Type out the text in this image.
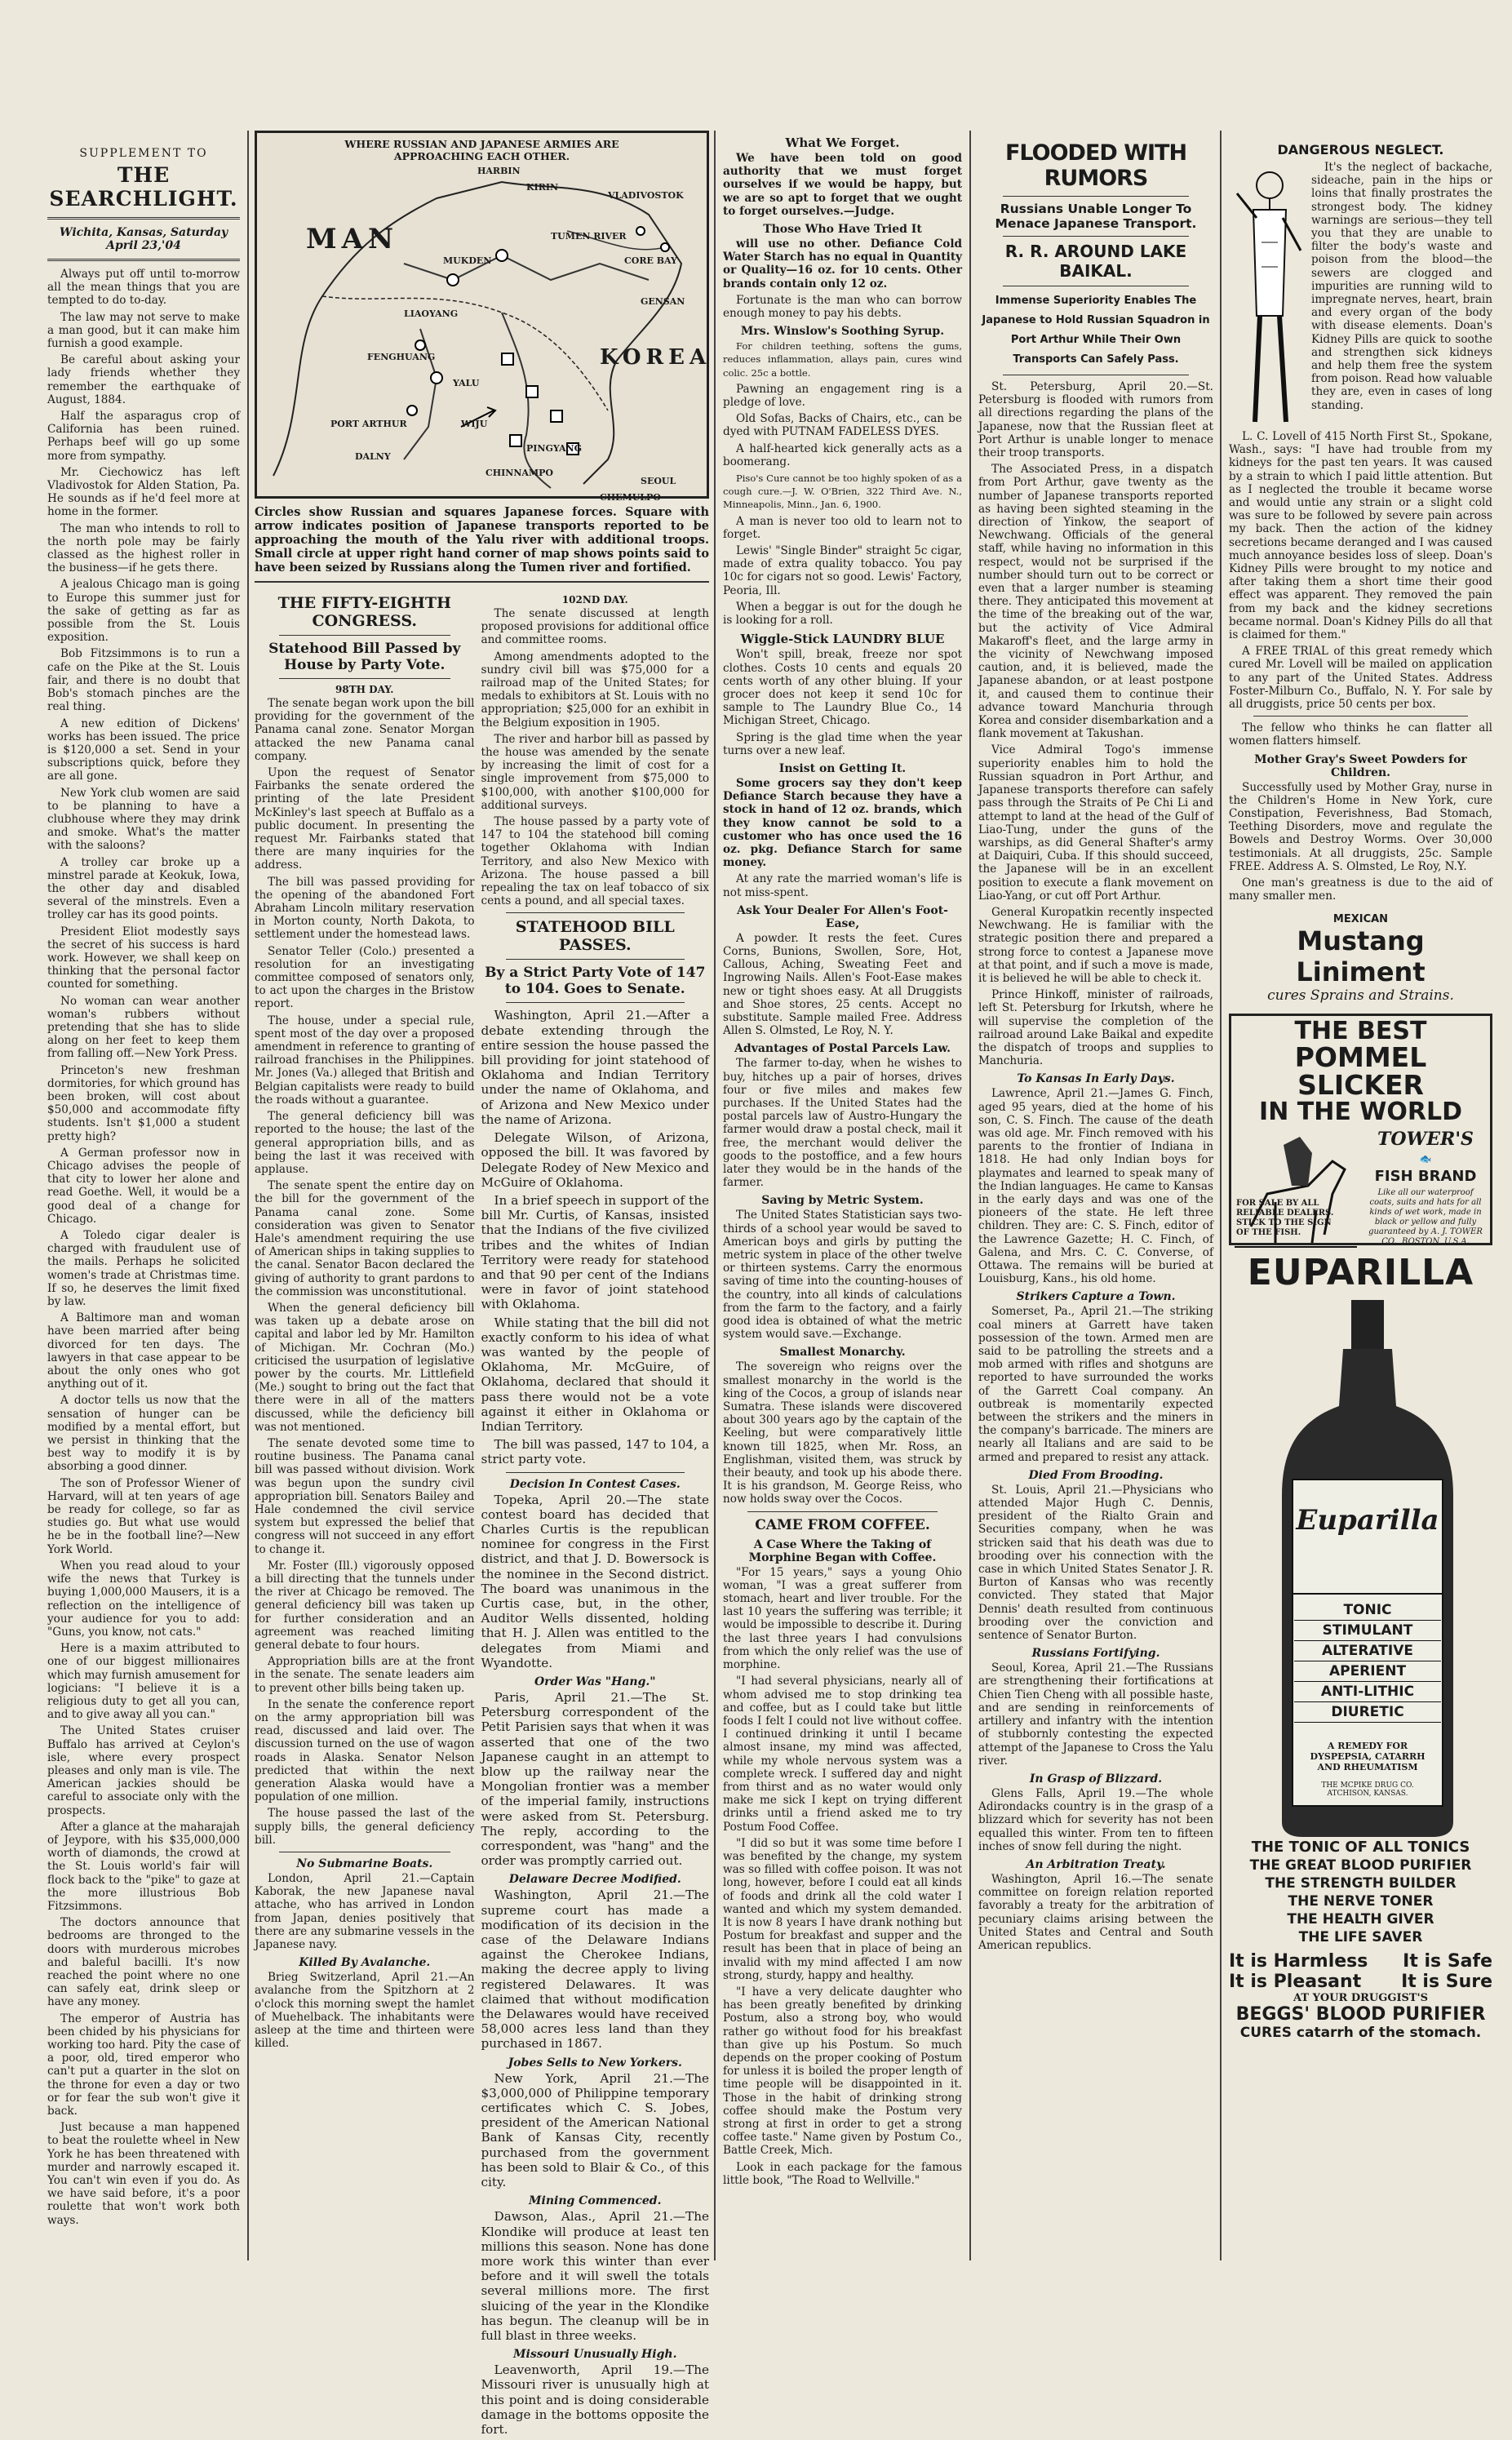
SUPPLEMENT TO
THE SEARCHLIGHT.
Wichita, Kansas, Saturday April 23,'04

Always put off until to-morrow all the mean things that you are tempted to do to-day.

The law may not serve to make a man good, but it can make him furnish a good example.

Be careful about asking your lady friends whether they remember the earthquake of August, 1884.

Half the asparagus crop of California has been ruined. Perhaps beef will go up some more from sympathy.

Mr. Ciechowicz has left Vladivostok for Alden Station, Pa. He sounds as if he'd feel more at home in the former.

The man who intends to roll to the north pole may be fairly classed as the highest roller in the business—if he gets there.

A jealous Chicago man is going to Europe this summer just for the sake of getting as far as possible from the St. Louis exposition.

Bob Fitzsimmons is to run a cafe on the Pike at the St. Louis fair, and there is no doubt that Bob's stomach pinches are the real thing.

A new edition of Dickens' works has been issued. The price is $120,000 a set. Send in your subscriptions quick, before they are all gone.

New York club women are said to be planning to have a clubhouse where they may drink and smoke. What's the matter with the saloons?

A trolley car broke up a minstrel parade at Keokuk, Iowa, the other day and disabled several of the minstrels. Even a trolley car has its good points.

President Eliot modestly says the secret of his success is hard work. However, we shall keep on thinking that the personal factor counted for something.

No woman can wear another woman's rubbers without pretending that she has to slide along on her feet to keep them from falling off.—New York Press.

Princeton's new freshman dormitories, for which ground has been broken, will cost about $50,000 and accommodate fifty students. Isn't $1,000 a student pretty high?

A German professor now in Chicago advises the people of that city to lower her alone and read Goethe. Well, it would be a good deal of a change for Chicago.

A Toledo cigar dealer is charged with fraudulent use of the mails. Perhaps he solicited women's trade at Christmas time. If so, he deserves the limit fixed by law.

A Baltimore man and woman have been married after being divorced for ten days. The lawyers in that case appear to be about the only ones who got anything out of it.

A doctor tells us now that the sensation of hunger can be modified by a mental effort, but we persist in thinking that the best way to modify it is by absorbing a good dinner.

The son of Professor Wiener of Harvard, will at ten years of age be ready for college, so far as studies go. But what use would he be in the football line?—New York World.

When you read aloud to your wife the news that Turkey is buying 1,000,000 Mausers, it is a reflection on the intelligence of your audience for you to add: "Guns, you know, not cats."

Here is a maxim attributed to one of our biggest millionaires which may furnish amusement for logicians: "I believe it is a religious duty to get all you can, and to give away all you can."

The United States cruiser Buffalo has arrived at Ceylon's isle, where every prospect pleases and only man is vile. The American jackies should be careful to associate only with the prospects.

After a glance at the maharajah of Jeypore, with his $35,000,000 worth of diamonds, the crowd at the St. Louis world's fair will flock back to the "pike" to gaze at the more illustrious Bob Fitzsimmons.

The doctors announce that bedrooms are thronged to the doors with murderous microbes and baleful bacilli. It's now reached the point where no one can safely eat, drink sleep or have any money.

The emperor of Austria has been chided by his physicians for working too hard. Pity the case of a poor, old, tired emperor who can't put a quarter in the slot on the throne for even a day or two or for fear the sub won't give it back.

Just because a man happened to beat the roulette wheel in New York he has been threatened with murder and narrowly escaped it. You can't win even if you do. As we have said before, it's a poor roulette that won't work both ways.

WHERE RUSSIAN AND JAPANESE ARMIES ARE APPROACHING EACH OTHER.
HARBIN
KIRIN
VLADIVOSTOK
MUKDEN
LIAOYANG
FENGHUANG
PORT ARTHUR
DALNY
KOREA
CHINNAMPO
SEOUL
CHEMULPO
GENSAN
WIJU
YALU
TUMEN RIVER
CORE BAY
PINGYANG
MAN
Circles show Russian and squares Japanese forces. Square with arrow indicates position of Japanese transports reported to be approaching the mouth of the Yalu river with additional troops. Small circle at upper right hand corner of map shows points said to have been seized by Russians along the Tumen river and fortified.
THE FIFTY-EIGHTH CONGRESS.
Statehood Bill Passed by House by Party Vote.
98TH DAY.

The senate began work upon the bill providing for the government of the Panama canal zone. Senator Morgan attacked the new Panama canal company.

Upon the request of Senator Fairbanks the senate ordered the printing of the late President McKinley's last speech at Buffalo as a public document. In presenting the request Mr. Fairbanks stated that there are many inquiries for the address.

The bill was passed providing for the opening of the abandoned Fort Abraham Lincoln military reservation in Morton county, North Dakota, to settlement under the homestead laws.

Senator Teller (Colo.) presented a resolution for an investigating committee composed of senators only, to act upon the charges in the Bristow report.

The house, under a special rule, spent most of the day over a proposed amendment in reference to granting of railroad franchises in the Philippines. Mr. Jones (Va.) alleged that British and Belgian capitalists were ready to build the roads without a guarantee.

The general deficiency bill was reported to the house; the last of the general appropriation bills, and as being the last it was received with applause.

The senate spent the entire day on the bill for the government of the Panama canal zone. Some consideration was given to Senator Hale's amendment requiring the use of American ships in taking supplies to the canal. Senator Bacon declared the giving of authority to grant pardons to the commission was unconstitutional.

When the general deficiency bill was taken up a debate arose on capital and labor led by Mr. Hamilton of Michigan. Mr. Cochran (Mo.) criticised the usurpation of legislative power by the courts. Mr. Littlefield (Me.) sought to bring out the fact that there were in all of the matters discussed, while the deficiency bill was not mentioned.

The senate devoted some time to routine business. The Panama canal bill was passed without division. Work was begun upon the sundry civil appropriation bill. Senators Bailey and Hale condemned the civil service system but expressed the belief that congress will not succeed in any effort to change it.

Mr. Foster (Ill.) vigorously opposed a bill directing that the tunnels under the river at Chicago be removed. The general deficiency bill was taken up for further consideration and an agreement was reached limiting general debate to four hours.

Appropriation bills are at the front in the senate. The senate leaders aim to prevent other bills being taken up.

In the senate the conference report on the army appropriation bill was read, discussed and laid over. The discussion turned on the use of wagon roads in Alaska. Senator Nelson predicted that within the next generation Alaska would have a population of one million.

The house passed the last of the supply bills, the general deficiency bill.

No Submarine Boats.

London, April 21.—Captain Kaborak, the new Japanese naval attache, who has arrived in London from Japan, denies positively that there are any submarine vessels in the Japanese navy.

Killed By Avalanche.

Brieg Switzerland, April 21.—An avalanche from the Spitzhorn at 2 o'clock this morning swept the hamlet of Muehelback. The inhabitants were asleep at the time and thirteen were killed.

102ND DAY.

The senate discussed at length proposed provisions for additional office and committee rooms.

Among amendments adopted to the sundry civil bill was $75,000 for a railroad map of the United States; for medals to exhibitors at St. Louis with no appropriation; $25,000 for an exhibit in the Belgium exposition in 1905.

The river and harbor bill as passed by the house was amended by the senate by increasing the limit of cost for a single improvement from $75,000 to $100,000, with another $100,000 for additional surveys.

The house passed by a party vote of 147 to 104 the statehood bill coming together Oklahoma with Indian Territory, and also New Mexico with Arizona. The house passed a bill repealing the tax on leaf tobacco of six cents a pound, and all special taxes.

STATEHOOD BILL PASSES.
By a Strict Party Vote of 147 to 104. Goes to Senate.

Washington, April 21.—After a debate extending through the entire session the house passed the bill providing for joint statehood of Oklahoma and Indian Territory under the name of Oklahoma, and of Arizona and New Mexico under the name of Arizona.

Delegate Wilson, of Arizona, opposed the bill. It was favored by Delegate Rodey of New Mexico and McGuire of Oklahoma.

In a brief speech in support of the bill Mr. Curtis, of Kansas, insisted that the Indians of the five civilized tribes and the whites of Indian Territory were ready for statehood and that 90 per cent of the Indians were in favor of joint statehood with Oklahoma.

While stating that the bill did not exactly conform to his idea of what was wanted by the people of Oklahoma, Mr. McGuire, of Oklahoma, declared that should it pass there would not be a vote against it either in Oklahoma or Indian Territory.

The bill was passed, 147 to 104, a strict party vote.

Decision In Contest Cases.

Topeka, April 20.—The state contest board has decided that Charles Curtis is the republican nominee for congress in the First district, and that J. D. Bowersock is the nominee in the Second district. The board was unanimous in the Curtis case, but, in the other, Auditor Wells dissented, holding that H. J. Allen was entitled to the delegates from Miami and Wyandotte.

Order Was "Hang."

Paris, April 21.—The St. Petersburg correspondent of the Petit Parisien says that when it was asserted that one of the two Japanese caught in an attempt to blow up the railway near the Mongolian frontier was a member of the imperial family, instructions were asked from St. Petersburg. The reply, according to the correspondent, was "hang" and the order was promptly carried out.

Delaware Decree Modified.

Washington, April 21.—The supreme court has made a modification of its decision in the case of the Delaware Indians against the Cherokee Indians, making the decree apply to living registered Delawares. It was claimed that without modification the Delawares would have received 58,000 acres less land than they purchased in 1867.

Jobes Sells to New Yorkers.

New York, April 21.—The $3,000,000 of Philippine temporary certificates which C. S. Jobes, president of the American National Bank of Kansas City, recently purchased from the government has been sold to Blair & Co., of this city.

Mining Commenced.

Dawson, Alas., April 21.—The Klondike will produce at least ten millions this season. None has done more work this winter than ever before and it will swell the totals several millions more. The first sluicing of the year in the Klondike has begun. The cleanup will be in full blast in three weeks.

Missouri Unusually High.

Leavenworth, April 19.—The Missouri river is unusually high at this point and is doing considerable damage in the bottoms opposite the fort.

What We Forget.

We have been told on good authority that we must forget ourselves if we would be happy, but we are so apt to forget that we ought to forget ourselves.—Judge.

Those Who Have Tried It

will use no other. Defiance Cold Water Starch has no equal in Quantity or Quality—16 oz. for 10 cents. Other brands contain only 12 oz.

Fortunate is the man who can borrow enough money to pay his debts.

Mrs. Winslow's Soothing Syrup.

For children teething, softens the gums, reduces inflammation, allays pain, cures wind colic. 25c a bottle.

Pawning an engagement ring is a pledge of love.

Old Sofas, Backs of Chairs, etc., can be dyed with PUTNAM FADELESS DYES.

A half-hearted kick generally acts as a boomerang.

Piso's Cure cannot be too highly spoken of as a cough cure.—J. W. O'Brien, 322 Third Ave. N., Minneapolis, Minn., Jan. 6, 1900.

A man is never too old to learn not to forget.

Lewis' "Single Binder" straight 5c cigar, made of extra quality tobacco. You pay 10c for cigars not so good. Lewis' Factory, Peoria, Ill.

When a beggar is out for the dough he is looking for a roll.

Wiggle-Stick LAUNDRY BLUE

Won't spill, break, freeze nor spot clothes. Costs 10 cents and equals 20 cents worth of any other bluing. If your grocer does not keep it send 10c for sample to The Laundry Blue Co., 14 Michigan Street, Chicago.

Spring is the glad time when the year turns over a new leaf.

Insist on Getting It.

Some grocers say they don't keep Defiance Starch because they have a stock in hand of 12 oz. brands, which they know cannot be sold to a customer who has once used the 16 oz. pkg. Defiance Starch for same money.

At any rate the married woman's life is not miss-spent.

Ask Your Dealer For Allen's Foot-Ease,

A powder. It rests the feet. Cures Corns, Bunions, Swollen, Sore, Hot, Callous, Aching, Sweating Feet and Ingrowing Nails. Allen's Foot-Ease makes new or tight shoes easy. At all Druggists and Shoe stores, 25 cents. Accept no substitute. Sample mailed Free. Address Allen S. Olmsted, Le Roy, N. Y.

Advantages of Postal Parcels Law.

The farmer to-day, when he wishes to buy, hitches up a pair of horses, drives four or five miles and makes few purchases. If the United States had the postal parcels law of Austro-Hungary the farmer would draw a postal check, mail it free, the merchant would deliver the goods to the postoffice, and a few hours later they would be in the hands of the farmer.

Saving by Metric System.

The United States Statistician says two-thirds of a school year would be saved to American boys and girls by putting the metric system in place of the other twelve or thirteen systems. Carry the enormous saving of time into the counting-houses of the country, into all kinds of calculations from the farm to the factory, and a fairly good idea is obtained of what the metric system would save.—Exchange.

Smallest Monarchy.

The sovereign who reigns over the smallest monarchy in the world is the king of the Cocos, a group of islands near Sumatra. These islands were discovered about 300 years ago by the captain of the Keeling, but were comparatively little known till 1825, when Mr. Ross, an Englishman, visited them, was struck by their beauty, and took up his abode there. It is his grandson, M. George Reiss, who now holds sway over the Cocos.

CAME FROM COFFEE.
A Case Where the Taking of Morphine Began with Coffee.

"For 15 years," says a young Ohio woman, "I was a great sufferer from stomach, heart and liver trouble. For the last 10 years the suffering was terrible; it would be impossible to describe it. During the last three years I had convulsions from which the only relief was the use of morphine.

"I had several physicians, nearly all of whom advised me to stop drinking tea and coffee, but as I could take but little foods I felt I could not live without coffee. I continued drinking it until I became almost insane, my mind was affected, while my whole nervous system was a complete wreck. I suffered day and night from thirst and as no water would only make me sick I kept on trying different drinks until a friend asked me to try Postum Food Coffee.

"I did so but it was some time before I was benefited by the change, my system was so filled with coffee poison. It was not long, however, before I could eat all kinds of foods and drink all the cold water I wanted and which my system demanded. It is now 8 years I have drank nothing but Postum for breakfast and supper and the result has been that in place of being an invalid with my mind affected I am now strong, sturdy, happy and healthy.

"I have a very delicate daughter who has been greatly benefited by drinking Postum, also a strong boy, who would rather go without food for his breakfast than give up his Postum. So much depends on the proper cooking of Postum for unless it is boiled the proper length of time people will be disappointed in it. Those in the habit of drinking strong coffee should make the Postum very strong at first in order to get a strong coffee taste." Name given by Postum Co., Battle Creek, Mich.

Look in each package for the famous little book, "The Road to Wellville."

FLOODED WITH RUMORS
Russians Unable Longer To Menace Japanese Transport.
R. R. AROUND LAKE BAIKAL.
Immense Superiority Enables The Japanese to Hold Russian Squadron in Port Arthur While Their Own Transports Can Safely Pass.

St. Petersburg, April 20.—St. Petersburg is flooded with rumors from all directions regarding the plans of the Japanese, now that the Russian fleet at Port Arthur is unable longer to menace their troop transports.

The Associated Press, in a dispatch from Port Arthur, gave twenty as the number of Japanese transports reported as having been sighted steaming in the direction of Yinkow, the seaport of Newchwang. Officials of the general staff, while having no information in this respect, would not be surprised if the number should turn out to be correct or even that a larger number is steaming there. They anticipated this movement at the time of the breaking out of the war, but the activity of Vice Admiral Makaroff's fleet, and the large army in the vicinity of Newchwang imposed caution, and, it is believed, made the Japanese abandon, or at least postpone it, and caused them to continue their advance toward Manchuria through Korea and consider disembarkation and a flank movement at Takushan.

Vice Admiral Togo's immense superiority enables him to hold the Russian squadron in Port Arthur, and Japanese transports therefore can safely pass through the Straits of Pe Chi Li and attempt to land at the head of the Gulf of Liao-Tung, under the guns of the warships, as did General Shafter's army at Daiquiri, Cuba. If this should succeed, the Japanese will be in an excellent position to execute a flank movement on Liao-Yang, or cut off Port Arthur.

General Kuropatkin recently inspected Newchwang. He is familiar with the strategic position there and prepared a strong force to contest a Japanese move at that point, and if such a move is made, it is believed he will be able to check it.

Prince Hinkoff, minister of railroads, left St. Petersburg for Irkutsh, where he will supervise the completion of the railroad around Lake Baikal and expedite the dispatch of troops and supplies to Manchuria.

To Kansas In Early Days.

Lawrence, April 21.—James G. Finch, aged 95 years, died at the home of his son, C. S. Finch. The cause of the death was old age. Mr. Finch removed with his parents to the frontier of Indiana in 1818. He had only Indian boys for playmates and learned to speak many of the Indian languages. He came to Kansas in the early days and was one of the pioneers of the state. He left three children. They are: C. S. Finch, editor of the Lawrence Gazette; H. C. Finch, of Galena, and Mrs. C. C. Converse, of Ottawa. The remains will be buried at Louisburg, Kans., his old home.

Strikers Capture a Town.

Somerset, Pa., April 21.—The striking coal miners at Garrett have taken possession of the town. Armed men are said to be patrolling the streets and a mob armed with rifles and shotguns are reported to have surrounded the works of the Garrett Coal company. An outbreak is momentarily expected between the strikers and the miners in the company's barricade. The miners are nearly all Italians and are said to be armed and prepared to resist any attack.

Died From Brooding.

St. Louis, April 21.—Physicians who attended Major Hugh C. Dennis, president of the Rialto Grain and Securities company, when he was stricken said that his death was due to brooding over his connection with the case in which United States Senator J. R. Burton of Kansas who was recently convicted. They stated that Major Dennis' death resulted from continuous brooding over the conviction and sentence of Senator Burton.

Russians Fortifying.

Seoul, Korea, April 21.—The Russians are strengthening their fortifications at Chien Tien Cheng with all possible haste, and are sending in reinforcements of artillery and infantry with the intention of stubbornly contesting the expected attempt of the Japanese to Cross the Yalu river.

In Grasp of Blizzard.

Glens Falls, April 19.—The whole Adirondacks country is in the grasp of a blizzard which for severity has not been equalled this winter. From ten to fifteen inches of snow fell during the night.

An Arbitration Treaty.

Washington, April 16.—The senate committee on foreign relation reported favorably a treaty for the arbitration of pecuniary claims arising between the United States and Central and South American republics.

DANGEROUS NEGLECT.

It's the neglect of backache, sideache, pain in the hips or loins that finally prostrates the strongest body. The kidney warnings are serious—they tell you that they are unable to filter the body's waste and poison from the blood—the sewers are clogged and impurities are running wild to impregnate nerves, heart, brain and every organ of the body with disease elements. Doan's Kidney Pills are quick to soothe and strengthen sick kidneys and help them free the system from poison. Read how valuable they are, even in cases of long standing.

L. C. Lovell of 415 North First St., Spokane, Wash., says: "I have had trouble from my kidneys for the past ten years. It was caused by a strain to which I paid little attention. But as I neglected the trouble it became worse and would untie any strain or a slight cold was sure to be followed by severe pain across my back. Then the action of the kidney secretions became deranged and I was caused much annoyance besides loss of sleep. Doan's Kidney Pills were brought to my notice and after taking them a short time their good effect was apparent. They removed the pain from my back and the kidney secretions became normal. Doan's Kidney Pills do all that is claimed for them."

A FREE TRIAL of this great remedy which cured Mr. Lovell will be mailed on application to any part of the United States. Address Foster-Milburn Co., Buffalo, N. Y. For sale by all druggists, price 50 cents per box.

The fellow who thinks he can flatter all women flatters himself.

Mother Gray's Sweet Powders for Children.

Successfully used by Mother Gray, nurse in the Children's Home in New York, cure Constipation, Feverishness, Bad Stomach, Teething Disorders, move and regulate the Bowels and Destroy Worms. Over 30,000 testimonials. At all druggists, 25c. Sample FREE. Address A. S. Olmsted, Le Roy, N.Y.

One man's greatness is due to the aid of many smaller men.

MEXICAN
Mustang Liniment
cures Sprains and Strains.
THE BEST
POMMEL SLICKER
IN THE WORLD
TOWER'S
🐟
FISH BRAND
Like all our waterproof coats, suits and hats for all kinds of wet work, made in black or yellow and fully guaranteed by A. J. TOWER CO., BOSTON, U.S.A.
FOR SALE BY ALL RELIABLE DEALERS. STICK TO THE SIGN OF THE FISH.
EUPARILLA
Euparilla
TONIC
STIMULANT
ALTERATIVE
APERIENT
ANTI-LITHIC
DIURETIC
A REMEDY FOR DYSPEPSIA, CATARRH AND RHEUMATISM
THE MCPIKE DRUG CO. ATCHISON, KANSAS.
THE TONIC OF ALL TONICS
THE GREAT BLOOD PURIFIER
THE STRENGTH BUILDER
THE NERVE TONER
THE HEALTH GIVER
THE LIFE SAVER
It is Harmless It is Safe
It is Pleasant It is Sure
AT YOUR DRUGGIST'S
BEGGS' BLOOD PURIFIER
CURES catarrh of the stomach.
